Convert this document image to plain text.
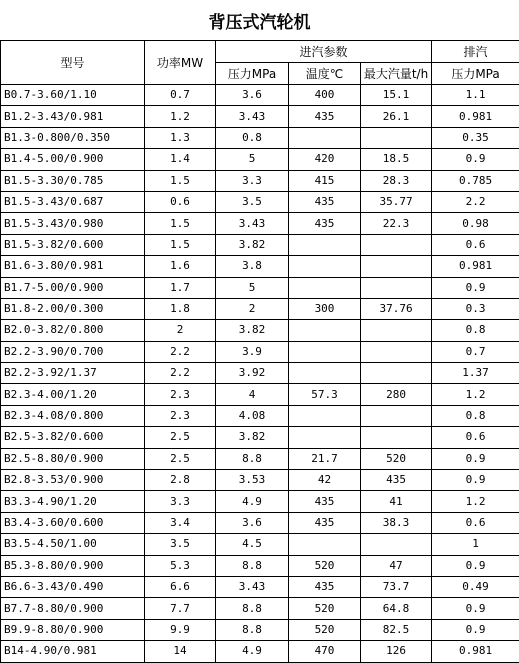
背压式汽轮机
型号	功率MW	进汽参数			排汽
		压力MPa	温度℃	最大汽量t/h	压力MPa
B0.7-3.60/1.10	0.7	3.6	400	15.1	1.1
B1.2-3.43/0.981	1.2	3.43	435	26.1	0.981
B1.3-0.800/0.350	1.3	0.8			0.35
B1.4-5.00/0.900	1.4	5	420	18.5	0.9
B1.5-3.30/0.785	1.5	3.3	415	28.3	0.785
B1.5-3.43/0.687	0.6	3.5	435	35.77	2.2
B1.5-3.43/0.980	1.5	3.43	435	22.3	0.98
B1.5-3.82/0.600	1.5	3.82			0.6
B1.6-3.80/0.981	1.6	3.8			0.981
B1.7-5.00/0.900	1.7	5			0.9
B1.8-2.00/0.300	1.8	2	300	37.76	0.3
B2.0-3.82/0.800	2	3.82			0.8
B2.2-3.90/0.700	2.2	3.9			0.7
B2.2-3.92/1.37	2.2	3.92			1.37
B2.3-4.00/1.20	2.3	4	57.3	280	1.2
B2.3-4.08/0.800	2.3	4.08			0.8
B2.5-3.82/0.600	2.5	3.82			0.6
B2.5-8.80/0.900	2.5	8.8	21.7	520	0.9
B2.8-3.53/0.900	2.8	3.53	42	435	0.9
B3.3-4.90/1.20	3.3	4.9	435	41	1.2
B3.4-3.60/0.600	3.4	3.6	435	38.3	0.6
B3.5-4.50/1.00	3.5	4.5			1
B5.3-8.80/0.900	5.3	8.8	520	47	0.9
B6.6-3.43/0.490	6.6	3.43	435	73.7	0.49
B7.7-8.80/0.900	7.7	8.8	520	64.8	0.9
B9.9-8.80/0.900	9.9	8.8	520	82.5	0.9
B14-4.90/0.981	14	4.9	470	126	0.981
